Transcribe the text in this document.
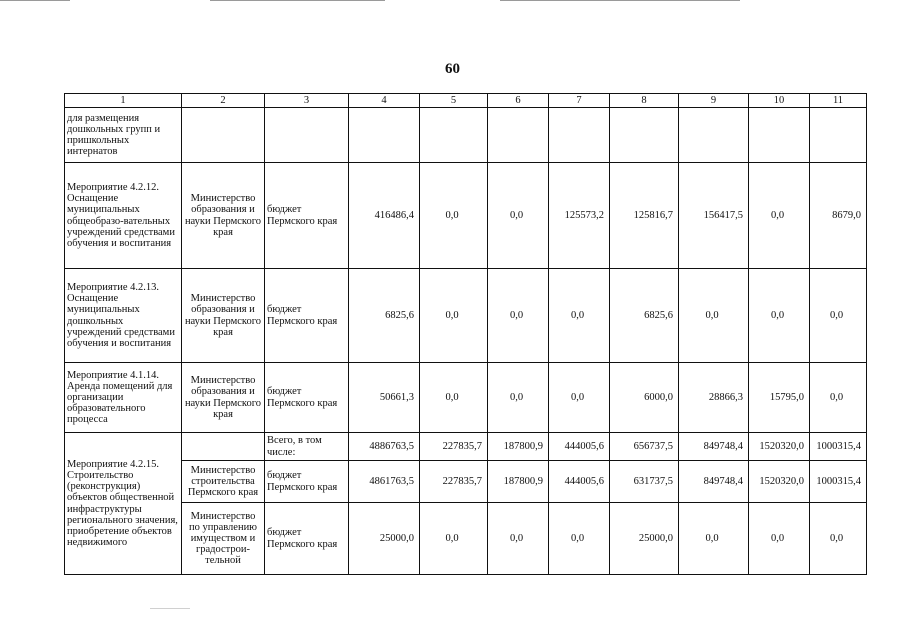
60
1	2	3	4	5	6	7	8	9	10	11
для размещения дошкольных групп и пришкольных интернатов										
Мероприятие 4.2.12. Оснащение муниципальных общеобразо-вательных учреждений средствами обучения и воспитания	Министерство образования и науки Пермского края	бюджет Пермского края	416486,4	0,0	0,0	125573,2	125816,7	156417,5	0,0	8679,0
Мероприятие 4.2.13. Оснащение муниципальных дошкольных учреждений средствами обучения и воспитания	Министерство образования и науки Пермского края	бюджет Пермского края	6825,6	0,0	0,0	0,0	6825,6	0,0	0,0	0,0
Мероприятие 4.1.14. Аренда помещений для организации образовательного процесса	Министерство образования и науки Пермского края	бюджет Пермского края	50661,3	0,0	0,0	0,0	6000,0	28866,3	15795,0	0,0
Мероприятие 4.2.15. Строительство (реконструкция) объектов общественной инфраструктуры регионального значения, приобретение объектов недвижимого		Всего, в том числе:	4886763,5	227835,7	187800,9	444005,6	656737,5	849748,4	1520320,0	1000315,4
	Министерство строительства Пермского края	бюджет Пермского края	4861763,5	227835,7	187800,9	444005,6	631737,5	849748,4	1520320,0	1000315,4
	Министерство по управлению имуществом и градострои-тельной	бюджет Пермского края	25000,0	0,0	0,0	0,0	25000,0	0,0	0,0	0,0
